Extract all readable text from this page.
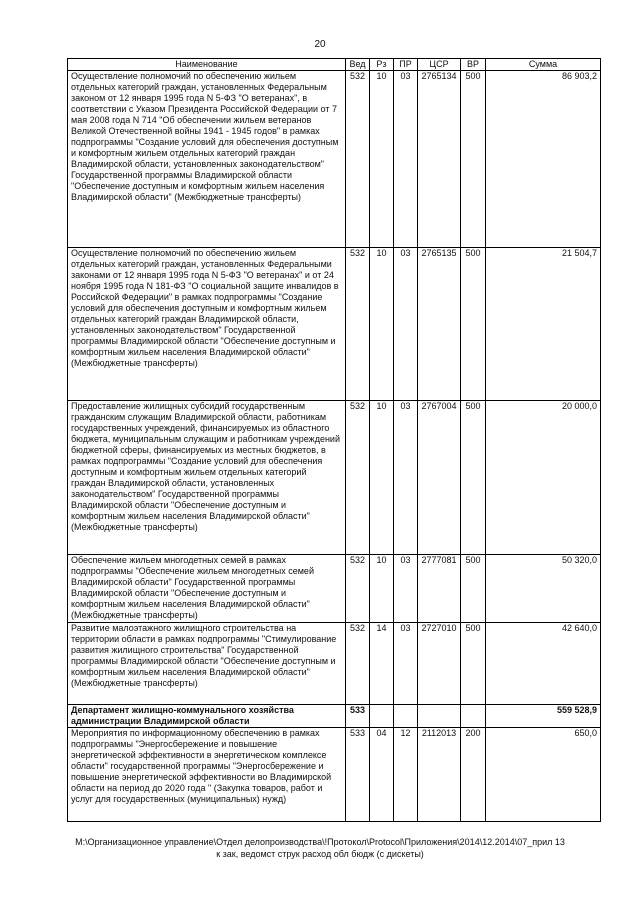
20
Наименование	Вед	Рз	ПР	ЦСР	ВР	Сумма
Осуществление полномочий по обеспечению жильем отдельных категорий граждан, установленных Федеральным законом от 12 января 1995 года N 5-ФЗ "О ветеранах", в соответствии с Указом Президента Российской Федерации от 7 мая 2008 года N 714 "Об обеспечении жильем ветеранов Великой Отечественной войны 1941 - 1945 годов" в рамках подпрограммы "Создание условий для обеспечения доступным и комфортным жильем отдельных категорий граждан Владимирской области, установленных законодательством" Государственной программы Владимирской области "Обеспечение доступным и комфортным жильем населения Владимирской области" (Межбюджетные трансферты)	532	10	03	2765134	500	86 903,2
Осуществление полномочий по обеспечению жильем отдельных категорий граждан, установленных Федеральными законами от 12 января 1995 года N 5-ФЗ "О ветеранах" и от 24 ноября 1995 года N 181-ФЗ "О социальной защите инвалидов в Российской Федерации" в рамках подпрограммы "Создание условий для обеспечения доступным и комфортным жильем отдельных категорий граждан Владимирской области, установленных законодательством" Государственной программы Владимирской области "Обеспечение доступным и комфортным жильем населения Владимирской области" (Межбюджетные трансферты)	532	10	03	2765135	500	21 504,7
Предоставление жилищных субсидий государственным гражданским служащим Владимирской области, работникам государственных учреждений, финансируемых из областного бюджета, муниципальным служащим и работникам учреждений бюджетной сферы, финансируемых из местных бюджетов, в рамках подпрограммы "Создание условий для обеспечения доступным и комфортным жильем отдельных категорий граждан Владимирской области, установленных законодательством" Государственной программы Владимирской области "Обеспечение доступным и комфортным жильем населения Владимирской области" (Межбюджетные трансферты)	532	10	03	2767004	500	20 000,0
Обеспечение жильем многодетных семей в рамках подпрограммы "Обеспечение жильем многодетных семей Владимирской области" Государственной программы Владимирской области "Обеспечение доступным и комфортным жильем населения Владимирской области" (Межбюджетные трансферты)	532	10	03	2777081	500	50 320,0
Развитие малоэтажного жилищного строительства на территории области в рамках подпрограммы "Стимулирование развития жилищного строительства" Государственной программы Владимирской области "Обеспечение доступным и комфортным жильем населения Владимирской области" (Межбюджетные трансферты)	532	14	03	2727010	500	42 640,0
Департамент жилищно-коммунального хозяйства администрации Владимирской области	533					559 528,9
Мероприятия по информационному обеспечению в рамках подпрограммы "Энергосбережение и повышение энергетической эффективности в энергетическом комплексе области" государственной программы "Энергосбережение и повышение энергетической эффективности во Владимирской области на период до 2020 года " (Закупка товаров, работ и услуг для государственных (муниципальных) нужд)	533	04	12	2112013	200	650,0
M:\Организационное управление\Отдел делопроизводства\!Протокол\Protocol\Приложения\2014\12.2014\07_прил 13
к зак, ведомст струк расход обл бюдж (с дискеты)
